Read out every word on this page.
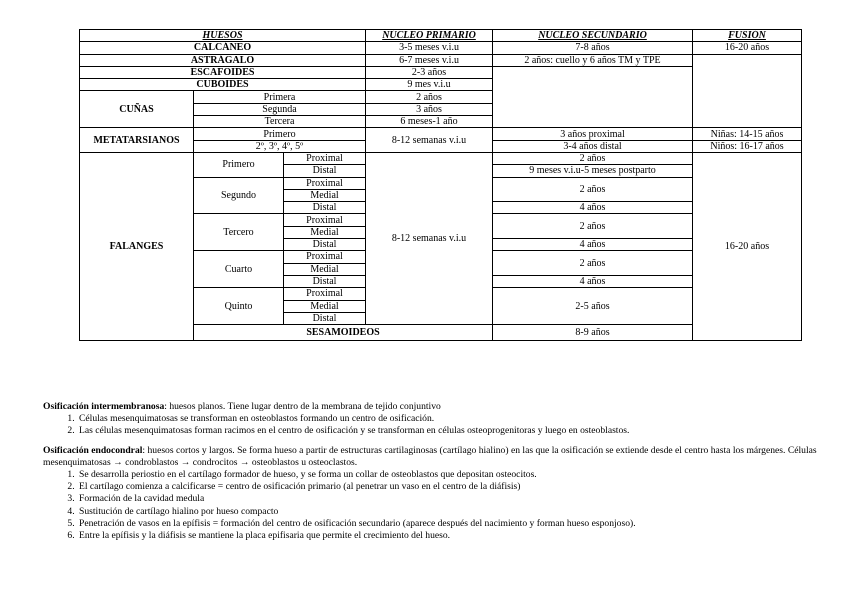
HUESOS			NÚCLEO PRIMARIO	NÚCLEO SECUNDARIO	FUSIÓN	
CALCÁNEO			3-5 meses v.i.u	7-8 años	16-20 años	
ASTRÁGALO			6-7 meses v.i.u	2 años: cuello y 6 años TM y TPE		
ESCAFOIDES			2-3 años			
CUBOIDES			9 mes v.i.u			
CUÑAS	Primera		2 años			
	Segunda		3 años			
	Tercera		6 meses-1 año			
METATARSIANOS	Primero		8-12 semanas v.i.u	3 años proximal	Niñas: 14-15 años	
	2º, 3º, 4º, 5º			3-4 años distal	Niños: 16-17 años	
FALANGES	Primero	Proximal	8-12 semanas v.i.u	2 años	16-20 años	
		Distal		9 meses v.i.u-5 meses postparto		
	Segundo	Proximal		2 años		
		Medial				
		Distal		4 años		
	Tercero	Proximal		2 años		
		Medial				
		Distal		4 años		
	Cuarto	Proximal		2 años		
		Medial				
		Distal		4 años		
	Quinto	Proximal		2-5 años		
		Medial				
		Distal				
	SESAMOIDEOS			8-9 años		

Osificación intermembranosa: huesos planos. Tiene lugar dentro de la membrana de tejido conjuntivo

1. Células mesenquimatosas se transforman en osteoblastos formando un centro de osificación.
2. Las células mesenquimatosas forman racimos en el centro de osificación y se transforman en células osteoprogenitoras y luego en osteoblastos.

Osificación endocondral: huesos cortos y largos. Se forma hueso a partir de estructuras cartilaginosas (cartílago hialino) en las que la osificación se extiende desde el centro hasta los márgenes. Células mesenquimatosas → condroblastos → condrocitos → osteoblastos u osteoclastos.

1. Se desarrolla periostio en el cartílago formador de hueso, y se forma un collar de osteoblastos que depositan osteocitos.
2. El cartílago comienza a calcificarse = centro de osificación primario (al penetrar un vaso en el centro de la diáfisis)
3. Formación de la cavidad medula
4. Sustitución de cartílago hialino por hueso compacto
5. Penetración de vasos en la epífisis = formación del centro de osificación secundario (aparece después del nacimiento y forman hueso esponjoso).
6. Entre la epífisis y la diáfisis se mantiene la placa epifisaria que permite el crecimiento del hueso.
